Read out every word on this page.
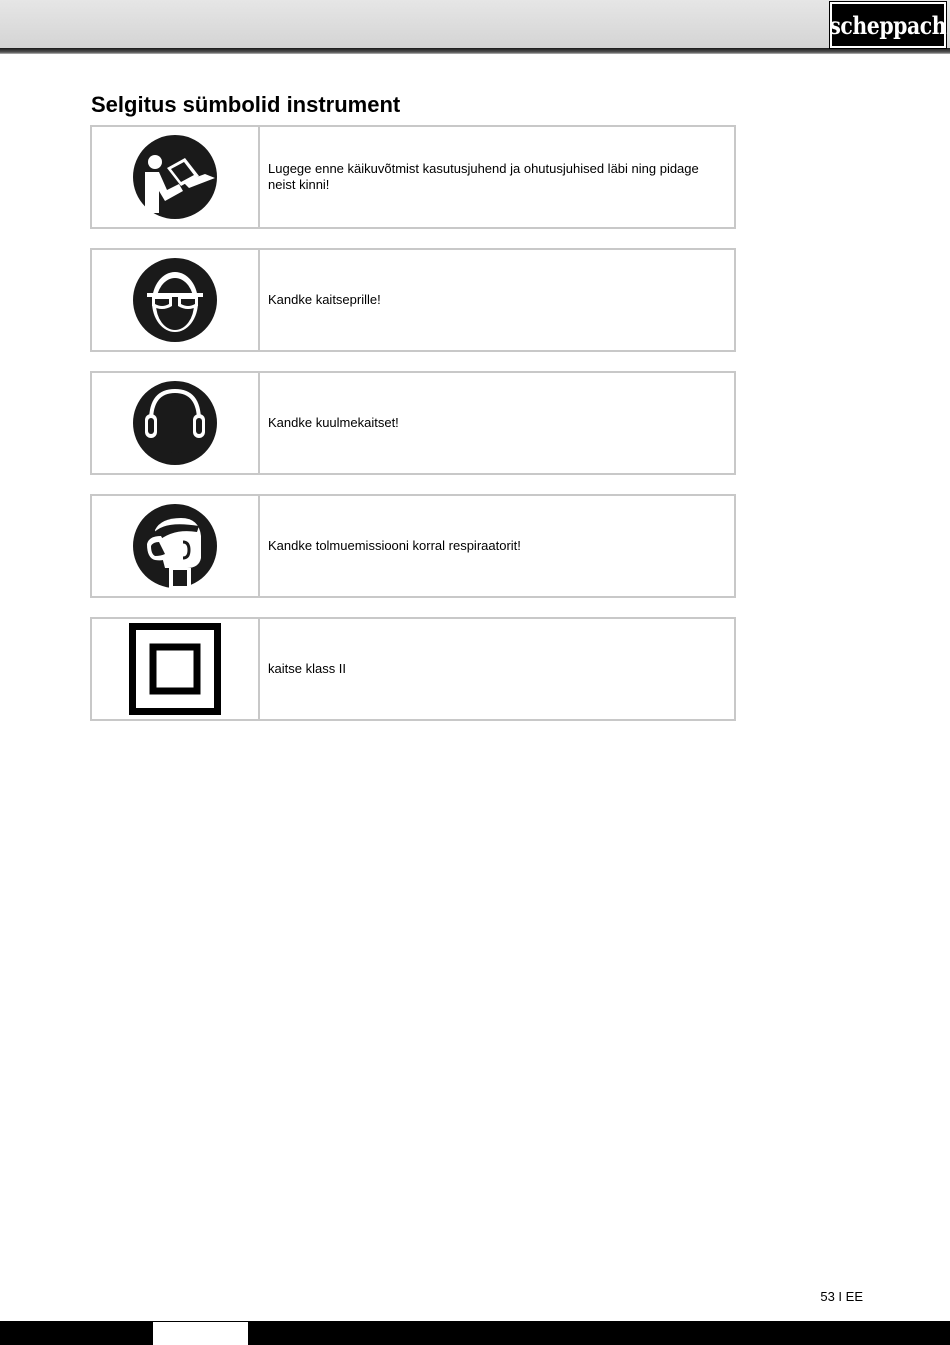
scheppach
Selgitus sümbolid instrument
Lugege enne käikuvõtmist kasutusjuhend ja ohutusjuhised läbi ning pidage neist kinni!
Kandke kaitseprille!
Kandke kuulmekaitset!
Kandke tolmuemissiooni korral respiraatorit!
kaitse klass II
53 I EE
